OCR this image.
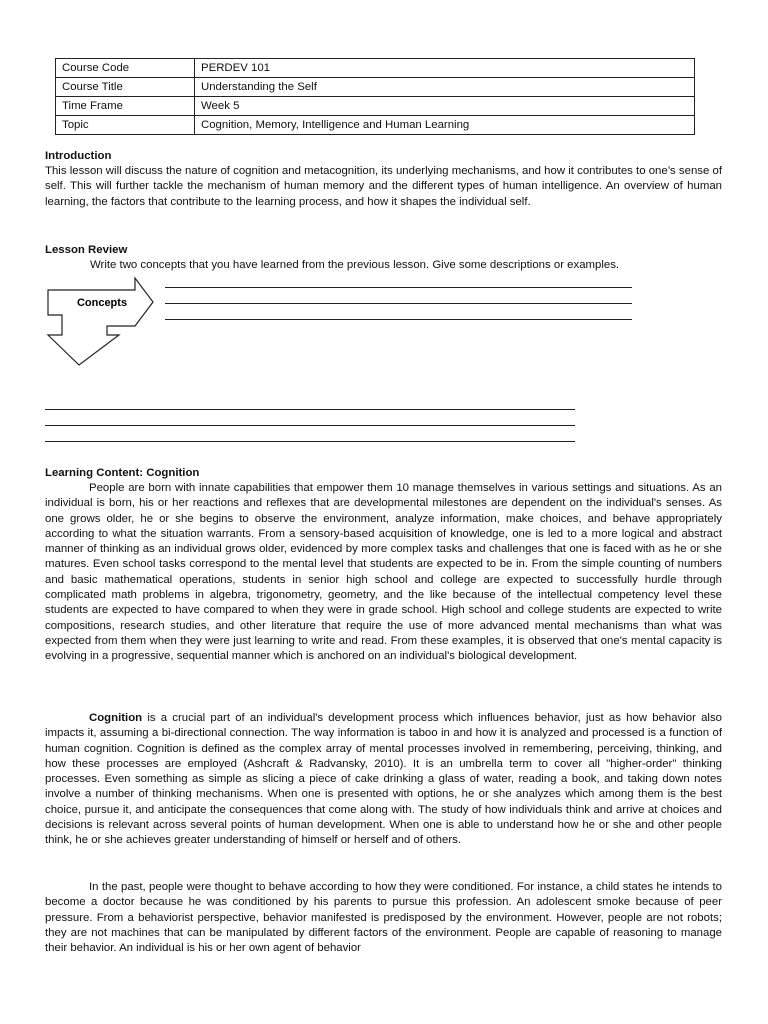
Course Code	PERDEV 101
Course Title	Understanding the Self
Time Frame	Week 5
Topic	Cognition, Memory, Intelligence and Human Learning
Introduction

This lesson will discuss the nature of cognition and metacognition, its underlying mechanisms, and how it contributes to one’s sense of self. This will further tackle the mechanism of human memory and the different types of human intelligence. An overview of human learning, the factors that contribute to the learning process, and how it shapes the individual self.

Lesson Review
Write two concepts that you have learned from the previous lesson. Give some descriptions or examples.
Concepts
Learning Content: Cognition

People are born with innate capabilities that empower them 10 manage themselves in various settings and situations. As an individual is born, his or her reactions and reflexes that are developmental milestones are dependent on the individual's senses. As one grows older, he or she begins to observe the environment, analyze information, make choices, and behave appropriately according to what the situation warrants. From a sensory-based acquisition of knowledge, one is led to a more logical and abstract manner of thinking as an individual grows older, evidenced by more complex tasks and challenges that one is faced with as he or she matures. Even school tasks correspond to the mental level that students are expected to be in. From the simple counting of numbers and basic mathematical operations, students in senior high school and college are expected to successfully hurdle through complicated math problems in algebra, trigonometry, geometry, and the like because of the intellectual competency level these students are expected to have compared to when they were in grade school. High school and college students are expected to write compositions, research studies, and other literature that require the use of more advanced mental mechanisms than what was expected from them when they were just learning to write and read. From these examples, it is observed that one's mental capacity is evolving in a progressive, sequential manner which is anchored on an individual's biological development.

Cognition is a crucial part of an individual's development process which influences behavior, just as how behavior also impacts it, assuming a bi-directional connection. The way information is taboo in and how it is analyzed and processed is a function of human cognition. Cognition is defined as the complex array of mental processes involved in remembering, perceiving, thinking, and how these processes are employed (Ashcraft & Radvansky, 2010). It is an umbrella term to cover all "higher-order" thinking processes. Even something as simple as slicing a piece of cake drinking a glass of water, reading a book, and taking down notes involve a number of thinking mechanisms. When one is presented with options, he or she analyzes which among them is the best choice, pursue it, and anticipate the consequences that come along with. The study of how individuals think and arrive at choices and decisions is relevant across several points of human development. When one is able to understand how he or she and other people think, he or she achieves greater understanding of himself or herself and of others.

In the past, people were thought to behave according to how they were conditioned. For instance, a child states he intends to become a doctor because he was conditioned by his parents to pursue this profession. An adolescent smoke because of peer pressure. From a behaviorist perspective, behavior manifested is predisposed by the environment. However, people are not robots; they are not machines that can be manipulated by different factors of the environment. People are capable of reasoning to manage their behavior. An individual is his or her own agent of behavior
